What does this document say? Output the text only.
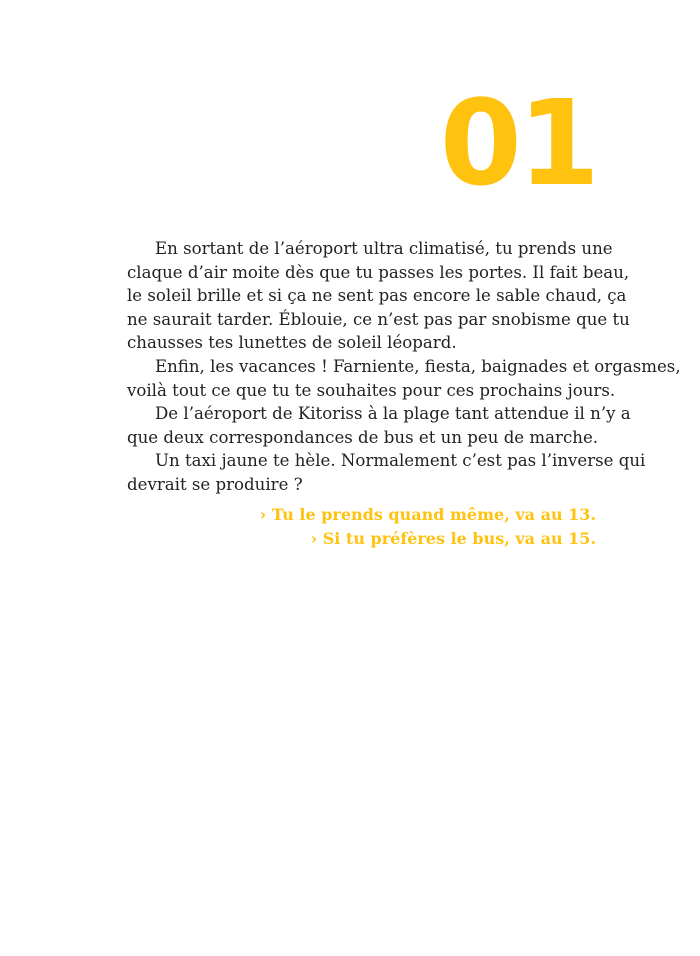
01
En sortant de l’aéroport ultra climatisé, tu prends une
claque d’air moite dès que tu passes les portes. Il fait beau,
le soleil brille et si ça ne sent pas encore le sable chaud, ça
ne saurait tarder. Éblouie, ce n’est pas par snobisme que tu
chausses tes lunettes de soleil léopard.
Enfin, les vacances ! Farniente, fiesta, baignades et orgasmes,
voilà tout ce que tu te souhaites pour ces prochains jours.
De l’aéroport de Kitoriss à la plage tant attendue il n’y a
que deux correspondances de bus et un peu de marche.
Un taxi jaune te hèle. Normalement c’est pas l’inverse qui
devrait se produire ?
› Tu le prends quand même, va au 13.
› Si tu préfères le bus, va au 15.
